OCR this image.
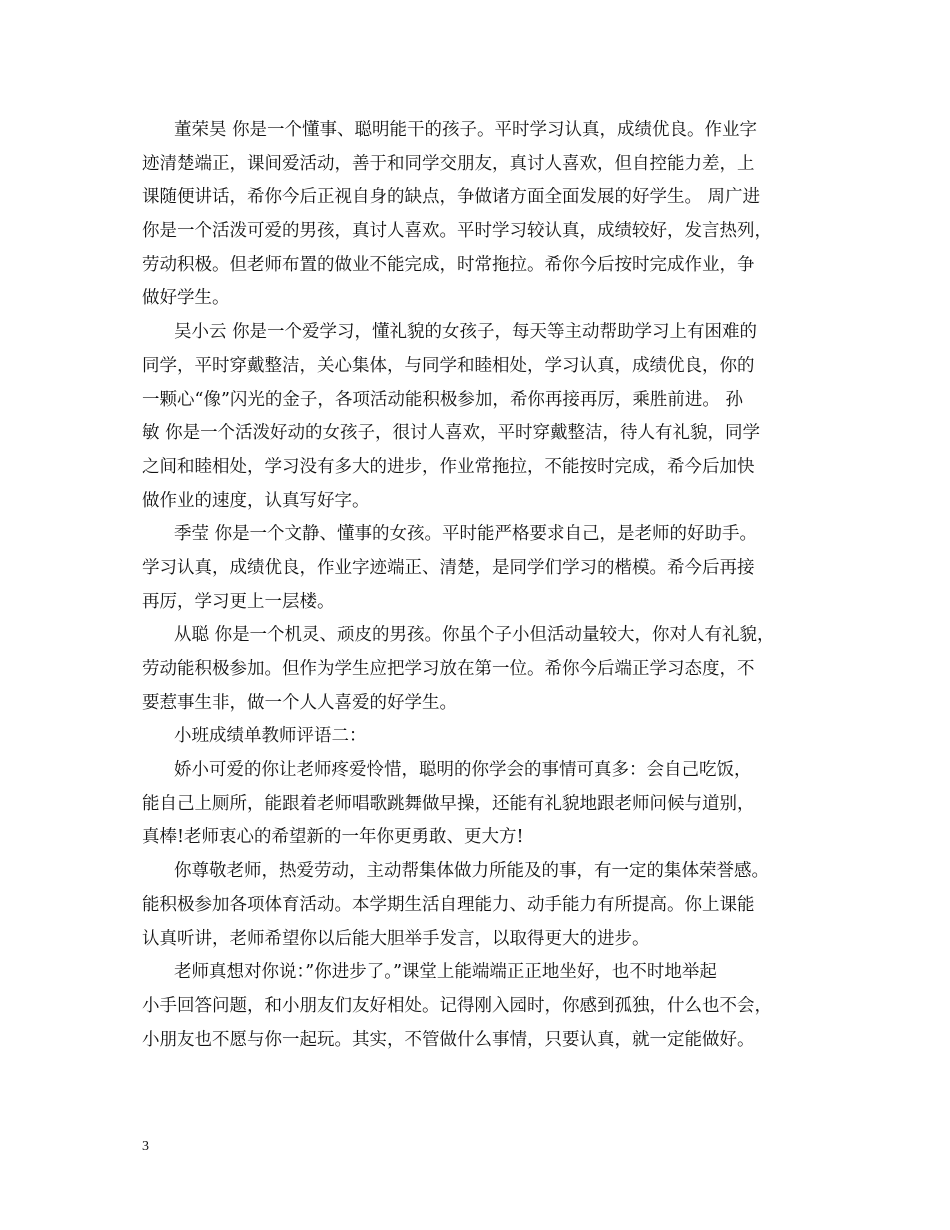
董荣昊 你是一个懂事、聪明能干的孩子。平时学习认真，成绩优良。作业字
迹清楚端正，课间爱活动，善于和同学交朋友，真讨人喜欢，但自控能力差，上
课随便讲话，希你今后正视自身的缺点，争做诸方面全面发展的好学生。 周广进
你是一个活泼可爱的男孩，真讨人喜欢。平时学习较认真，成绩较好，发言热列，
劳动积极。但老师布置的做业不能完成，时常拖拉。希你今后按时完成作业，争
做好学生。
吴小云 你是一个爱学习，懂礼貌的女孩子，每天等主动帮助学习上有困难的
同学，平时穿戴整洁，关心集体，与同学和睦相处，学习认真，成绩优良，你的
一颗心“像”闪光的金子，各项活动能积极参加，希你再接再厉，乘胜前进。 孙
敏 你是一个活泼好动的女孩子，很讨人喜欢，平时穿戴整洁，待人有礼貌，同学
之间和睦相处，学习没有多大的进步，作业常拖拉，不能按时完成，希今后加快
做作业的速度，认真写好字。
季莹 你是一个文静、懂事的女孩。平时能严格要求自己，是老师的好助手。
学习认真，成绩优良，作业字迹端正、清楚，是同学们学习的楷模。希今后再接
再厉，学习更上一层楼。
从聪 你是一个机灵、顽皮的男孩。你虽个子小但活动量较大，你对人有礼貌，
劳动能积极参加。但作为学生应把学习放在第一位。希你今后端正学习态度，不
要惹事生非，做一个人人喜爱的好学生。
小班成绩单教师评语二：
娇小可爱的你让老师疼爱怜惜，聪明的你学会的事情可真多：会自己吃饭，
能自己上厕所，能跟着老师唱歌跳舞做早操，还能有礼貌地跟老师问候与道别，
真棒!老师衷心的希望新的一年你更勇敢、更大方!
你尊敬老师，热爱劳动，主动帮集体做力所能及的事，有一定的集体荣誉感。
能积极参加各项体育活动。本学期生活自理能力、动手能力有所提高。你上课能
认真听讲，老师希望你以后能大胆举手发言，以取得更大的进步。
老师真想对你说：”你进步了。”课堂上能端端正正地坐好，也不时地举起
小手回答问题，和小朋友们友好相处。记得刚入园时，你感到孤独，什么也不会，
小朋友也不愿与你一起玩。其实，不管做什么事情，只要认真，就一定能做好。
3
